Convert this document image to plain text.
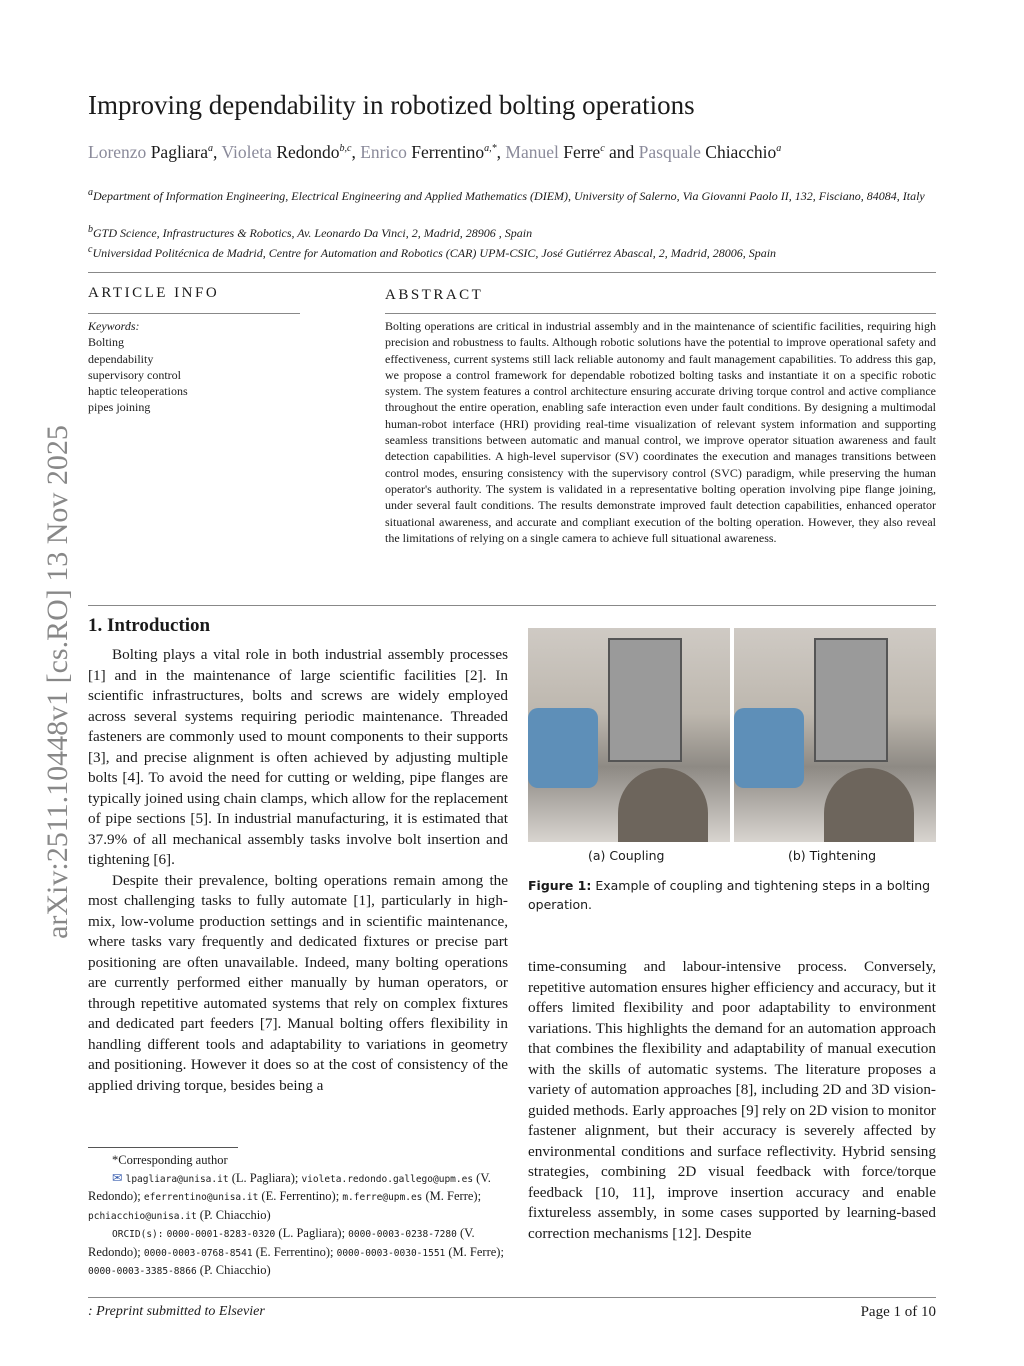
arXiv:2511.10448v1 [cs.RO] 13 Nov 2025
Improving dependability in robotized bolting operations
Lorenzo Pagliara$^a$, Violeta Redondo$^{b,c}$, Enrico Ferrentino$^{a,*}$, Manuel Ferre$^c$ and Pasquale Chiacchio$^a$
$^a$Department of Information Engineering, Electrical Engineering and Applied Mathematics (DIEM), University of Salerno, Via Giovanni Paolo II, 132, Fisciano, 84084, Italy
$^b$GTD Science, Infrastructures & Robotics, Av. Leonardo Da Vinci, 2, Madrid, 28906 , Spain
$^c$Universidad Politécnica de Madrid, Centre for Automation and Robotics (CAR) UPM-CSIC, José Gutiérrez Abascal, 2, Madrid, 28006, Spain
ARTICLE INFO
Keywords:
Bolting
dependability
supervisory control
haptic teleoperations
pipes joining
ABSTRACT
Bolting operations are critical in industrial assembly and in the maintenance of scientific facilities, requiring high precision and robustness to faults. Although robotic solutions have the potential to improve operational safety and effectiveness, current systems still lack reliable autonomy and fault management capabilities. To address this gap, we propose a control framework for dependable robotized bolting tasks and instantiate it on a specific robotic system. The system features a control architecture ensuring accurate driving torque control and active compliance throughout the entire operation, enabling safe interaction even under fault conditions. By designing a multimodal human-robot interface (HRI) providing real-time visualization of relevant system information and supporting seamless transitions between automatic and manual control, we improve operator situation awareness and fault detection capabilities. A high-level supervisor (SV) coordinates the execution and manages transitions between control modes, ensuring consistency with the supervisory control (SVC) paradigm, while preserving the human operator's authority. The system is validated in a representative bolting operation involving pipe flange joining, under several fault conditions. The results demonstrate improved fault detection capabilities, enhanced operator situational awareness, and accurate and compliant execution of the bolting operation. However, they also reveal the limitations of relying on a single camera to achieve full situational awareness.
1. Introduction

Bolting plays a vital role in both industrial assembly processes [1] and in the maintenance of large scientific facilities [2]. In scientific infrastructures, bolts and screws are widely employed across several systems requiring periodic maintenance. Threaded fasteners are commonly used to mount components to their supports [3], and precise alignment is often achieved by adjusting multiple bolts [4]. To avoid the need for cutting or welding, pipe flanges are typically joined using chain clamps, which allow for the replacement of pipe sections [5]. In industrial manufacturing, it is estimated that 37.9% of all mechanical assembly tasks involve bolt insertion and tightening [6].

Despite their prevalence, bolting operations remain among the most challenging tasks to fully automate [1], particularly in high-mix, low-volume production settings and in scientific maintenance, where tasks vary frequently and dedicated fixtures or precise part positioning are often unavailable. Indeed, many bolting operations are currently performed either manually by human operators, or through repetitive automated systems that rely on complex fixtures and dedicated part feeders [7]. Manual bolting offers flexibility in handling different tools and adaptability to variations in geometry and positioning. However it does so at the cost of consistency of the applied driving torque, besides being a

(a) Coupling	(b) Tightening
Figure 1: Example of coupling and tightening steps in a bolting operation.

time-consuming and labour-intensive process. Conversely, repetitive automation ensures higher efficiency and accuracy, but it offers limited flexibility and poor adaptability to environment variations. This highlights the demand for an automation approach that combines the flexibility and adaptability of manual execution with the skills of automatic systems. The literature proposes a variety of automation approaches [8], including 2D and 3D vision-guided methods. Early approaches [9] rely on 2D vision to monitor fastener alignment, but their accuracy is severely affected by environmental conditions and surface reflectivity. Hybrid sensing strategies, combining 2D visual feedback with force/torque feedback [10, 11], improve insertion accuracy and enable fixtureless assembly, in some cases supported by learning-based correction mechanisms [12]. Despite

*Corresponding author
✉ lpagliara@unisa.it (L. Pagliara); violeta.redondo.gallego@upm.es (V. Redondo); eferrentino@unisa.it (E. Ferrentino); m.ferre@upm.es (M. Ferre); pchiacchio@unisa.it (P. Chiacchio)
ORCID(s): 0000-0001-8283-0320 (L. Pagliara); 0000-0003-0238-7280 (V. Redondo); 0000-0003-0768-8541 (E. Ferrentino); 0000-0003-0030-1551 (M. Ferre); 0000-0003-3385-8866 (P. Chiacchio)
: Preprint submitted to Elsevier	Page 1 of 10
